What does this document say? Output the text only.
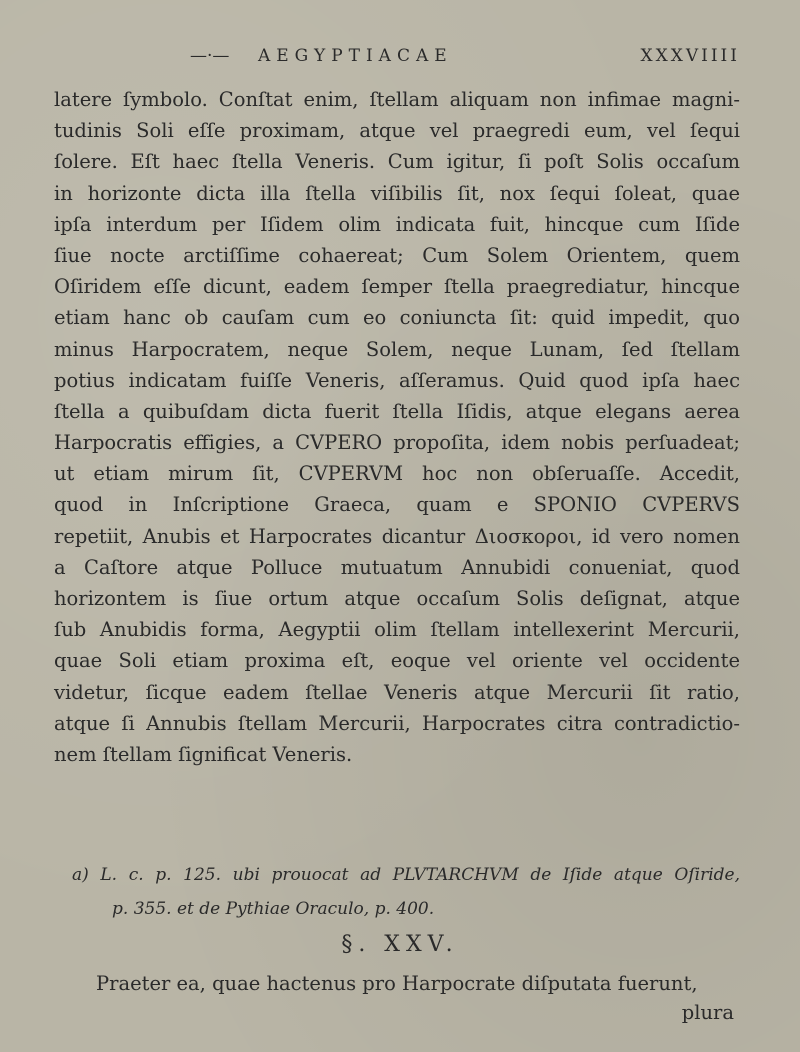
—·— AEGYPTIACAE	XXXVIIII
latere ſymbolo. Conſtat enim, ſtellam aliquam non infimae magni-
tudinis Soli eſſe proximam, atque vel praegredi eum, vel ſequi
ſolere. Eſt haec ſtella Veneris. Cum igitur, ſi poſt Solis occaſum
in horizonte dicta illa ſtella viſibilis ſit, nox ſequi ſoleat, quae
ipſa interdum per Iſidem olim indicata fuit, hincque cum Iſide
ſiue nocte arctiſſime cohaereat; Cum Solem Orientem, quem
Oſiridem eſſe dicunt, eadem ſemper ſtella praegrediatur, hincque
etiam hanc ob cauſam cum eo coniuncta ſit: quid impedit, quo
minus Harpocratem, neque Solem, neque Lunam, ſed ſtellam
potius indicatam fuiſſe Veneris, aſſeramus. Quid quod ipſa haec
ſtella a quibuſdam dicta fuerit ſtella Iſidis, atque elegans aerea
Harpocratis effigies, a CVPERO propoſita, idem nobis perſuadeat;
ut etiam mirum ſit, CVPERVM hoc non obſeruaſſe. Accedit,
quod in Inſcriptione Graeca, quam e SPONIO CVPERVS
repetiit, Anubis et Harpocrates dicantur Διοσκοροι, id vero nomen
a Caſtore atque Polluce mutuatum Annubidi conueniat, quod
horizontem is ſiue ortum atque occaſum Solis deſignat, atque
ſub Anubidis forma, Aegyptii olim ſtellam intellexerint Mercurii,
quae Soli etiam proxima eſt, eoque vel oriente vel occidente
videtur, ſicque eadem ſtellae Veneris atque Mercurii ſit ratio,
atque ſi Annubis ſtellam Mercurii, Harpocrates citra contradictio-
nem ſtellam ſignificat Veneris.
a) L. c. p. 125. ubi prouocat ad PLVTARCHVM de Iſide atque Oſiride,
p. 355. et de Pythiae Oraculo, p. 400.
§. XXV.
Praeter ea, quae hactenus pro Harpocrate diſputata fuerunt,
plura
